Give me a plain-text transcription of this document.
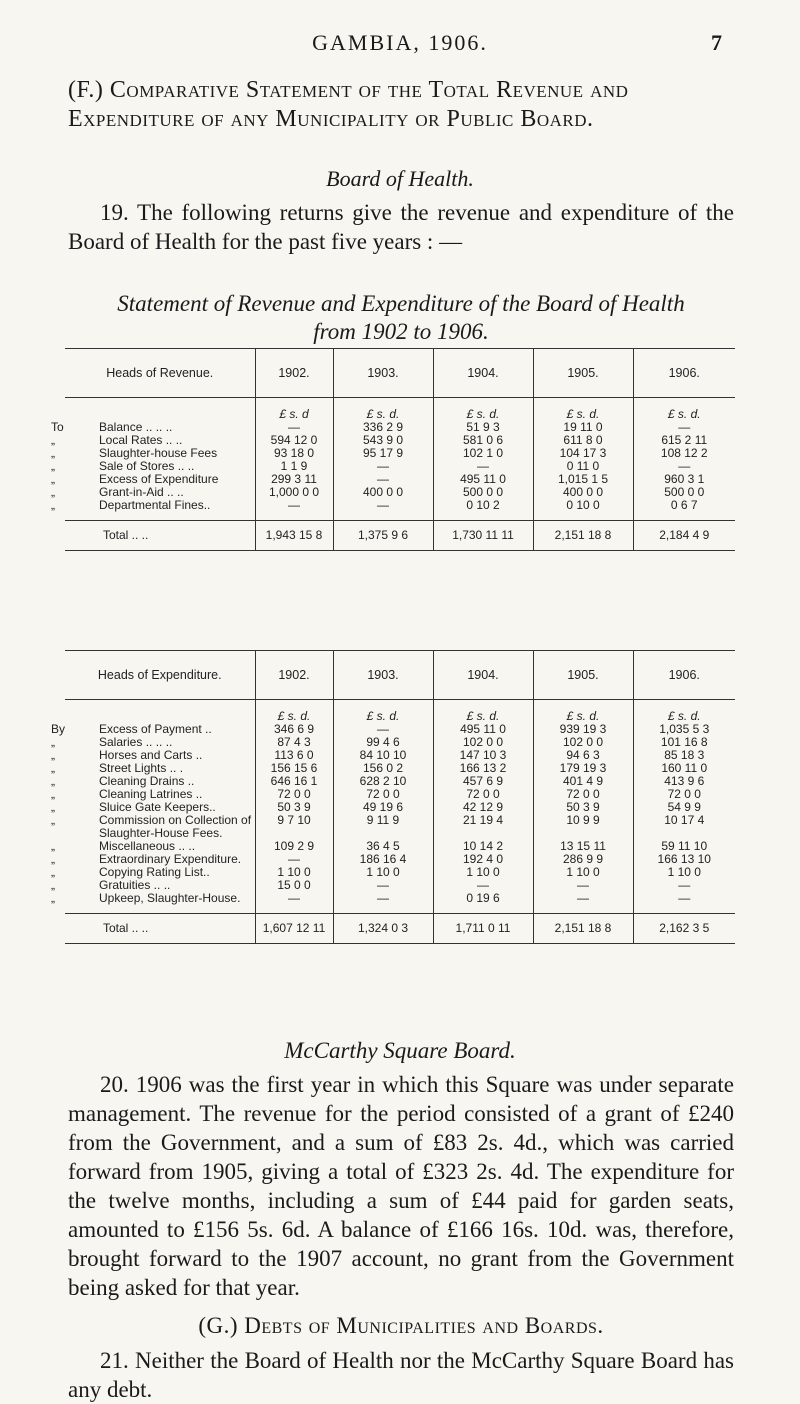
GAMBIA, 1906.	7
(F.) Comparative Statement of the Total Revenue and Expenditure of any Municipality or Public Board.
Board of Health.
19. The following returns give the revenue and expenditure of the Board of Health for the past five years : —
Statement of Revenue and Expenditure of the Board of Health
from 1902 to 1906.
Heads of Revenue.	1902.	1903.	1904.	1905.	1906.
	£ s. d	£ s. d.	£ s. d.	£ s. d.	£ s. d.
To Balance .. .. ..	—	336 2 9	51 9 3	19 11 0	—
„ Local Rates .. ..	594 12 0	543 9 0	581 0 6	611 8 0	615 2 11
„ Slaughter-house Fees	93 18 0	95 17 9	102 1 0	104 17 3	108 12 2
„ Sale of Stores .. ..	1 1 9	—	—	0 11 0	—
„ Excess of Expenditure	299 3 11	—	495 11 0	1,015 1 5	960 3 1
„ Grant-in-Aid .. ..	1,000 0 0	400 0 0	500 0 0	400 0 0	500 0 0
„ Departmental Fines..	—	—	0 10 2	0 10 0	0 6 7
Total .. ..	1,943 15 8	1,375 9 6	1,730 11 11	2,151 18 8	2,184 4 9
Heads of Expenditure.	1902.	1903.	1904.	1905.	1906.
	£ s. d.	£ s. d.	£ s. d.	£ s. d.	£ s. d.
By Excess of Payment ..	346 6 9	—	495 11 0	939 19 3	1,035 5 3
„ Salaries .. .. ..	87 4 3	99 4 6	102 0 0	102 0 0	101 16 8
„ Horses and Carts ..	113 6 0	84 10 10	147 10 3	94 6 3	85 18 3
„ Street Lights .. .	156 15 6	156 0 2	166 13 2	179 19 3	160 11 0
„ Cleaning Drains ..	646 16 1	628 2 10	457 6 9	401 4 9	413 9 6
„ Cleaning Latrines ..	72 0 0	72 0 0	72 0 0	72 0 0	72 0 0
„ Sluice Gate Keepers..	50 3 9	49 19 6	42 12 9	50 3 9	54 9 9
„ Commission on Collection of Slaughter-House Fees.	9 7 10	9 11 9	21 19 4	10 9 9	10 17 4
„ Miscellaneous .. ..	109 2 9	36 4 5	10 14 2	13 15 11	59 11 10
„ Extraordinary Expenditure.	—	186 16 4	192 4 0	286 9 9	166 13 10
„ Copying Rating List..	1 10 0	1 10 0	1 10 0	1 10 0	1 10 0
„ Gratuities .. ..	15 0 0	—	—	—	—
„ Upkeep, Slaughter-House.	—	—	0 19 6	—	—
Total .. ..	1,607 12 11	1,324 0 3	1,711 0 11	2,151 18 8	2,162 3 5
McCarthy Square Board.
20. 1906 was the first year in which this Square was under separate management. The revenue for the period consisted of a grant of £240 from the Government, and a sum of £83 2s. 4d., which was carried forward from 1905, giving a total of £323 2s. 4d. The expenditure for the twelve months, including a sum of £44 paid for garden seats, amounted to £156 5s. 6d. A balance of £166 16s. 10d. was, therefore, brought forward to the 1907 account, no grant from the Government being asked for that year.
(G.) Debts of Municipalities and Boards.
21. Neither the Board of Health nor the McCarthy Square Board has any debt.
